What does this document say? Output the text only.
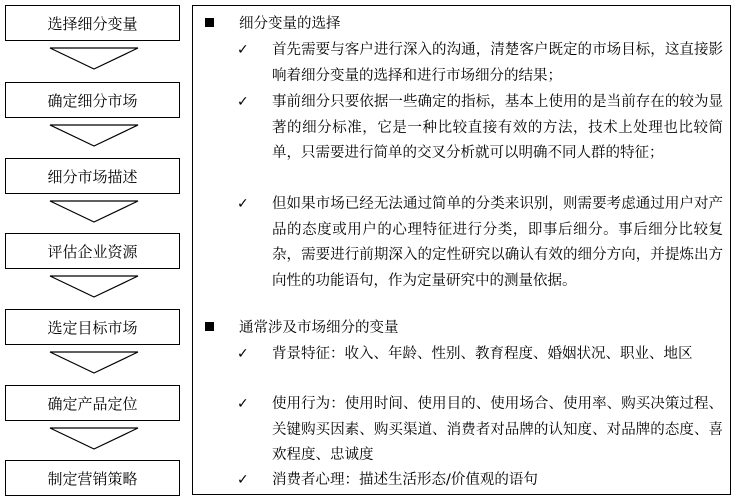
选择细分变量
确定细分市场
细分市场描述
评估企业资源
选定目标市场
确定产品定位
制定营销策略
细分变量的选择
✓ 首先需要与客户进行深入的沟通，清楚客户既定的市场目标，这直接影响着细分变量的选择和进行市场细分的结果；
✓ 事前细分只要依据一些确定的指标，基本上使用的是当前存在的较为显著的细分标准，它是一种比较直接有效的方法，技术上处理也比较简单，只需要进行简单的交叉分析就可以明确不同人群的特征；
✓ 但如果市场已经无法通过简单的分类来识别，则需要考虑通过用户对产品的态度或用户的心理特征进行分类，即事后细分。事后细分比较复杂，需要进行前期深入的定性研究以确认有效的细分方向，并提炼出方向性的功能语句，作为定量研究中的测量依据。
通常涉及市场细分的变量
✓ 背景特征：收入、年龄、性别、教育程度、婚姻状况、职业、地区
✓ 使用行为：使用时间、使用目的、使用场合、使用率、购买决策过程、关键购买因素、购买渠道、消费者对品牌的认知度、对品牌的态度、喜欢程度、忠诚度
✓ 消费者心理：描述生活形态/价值观的语句
